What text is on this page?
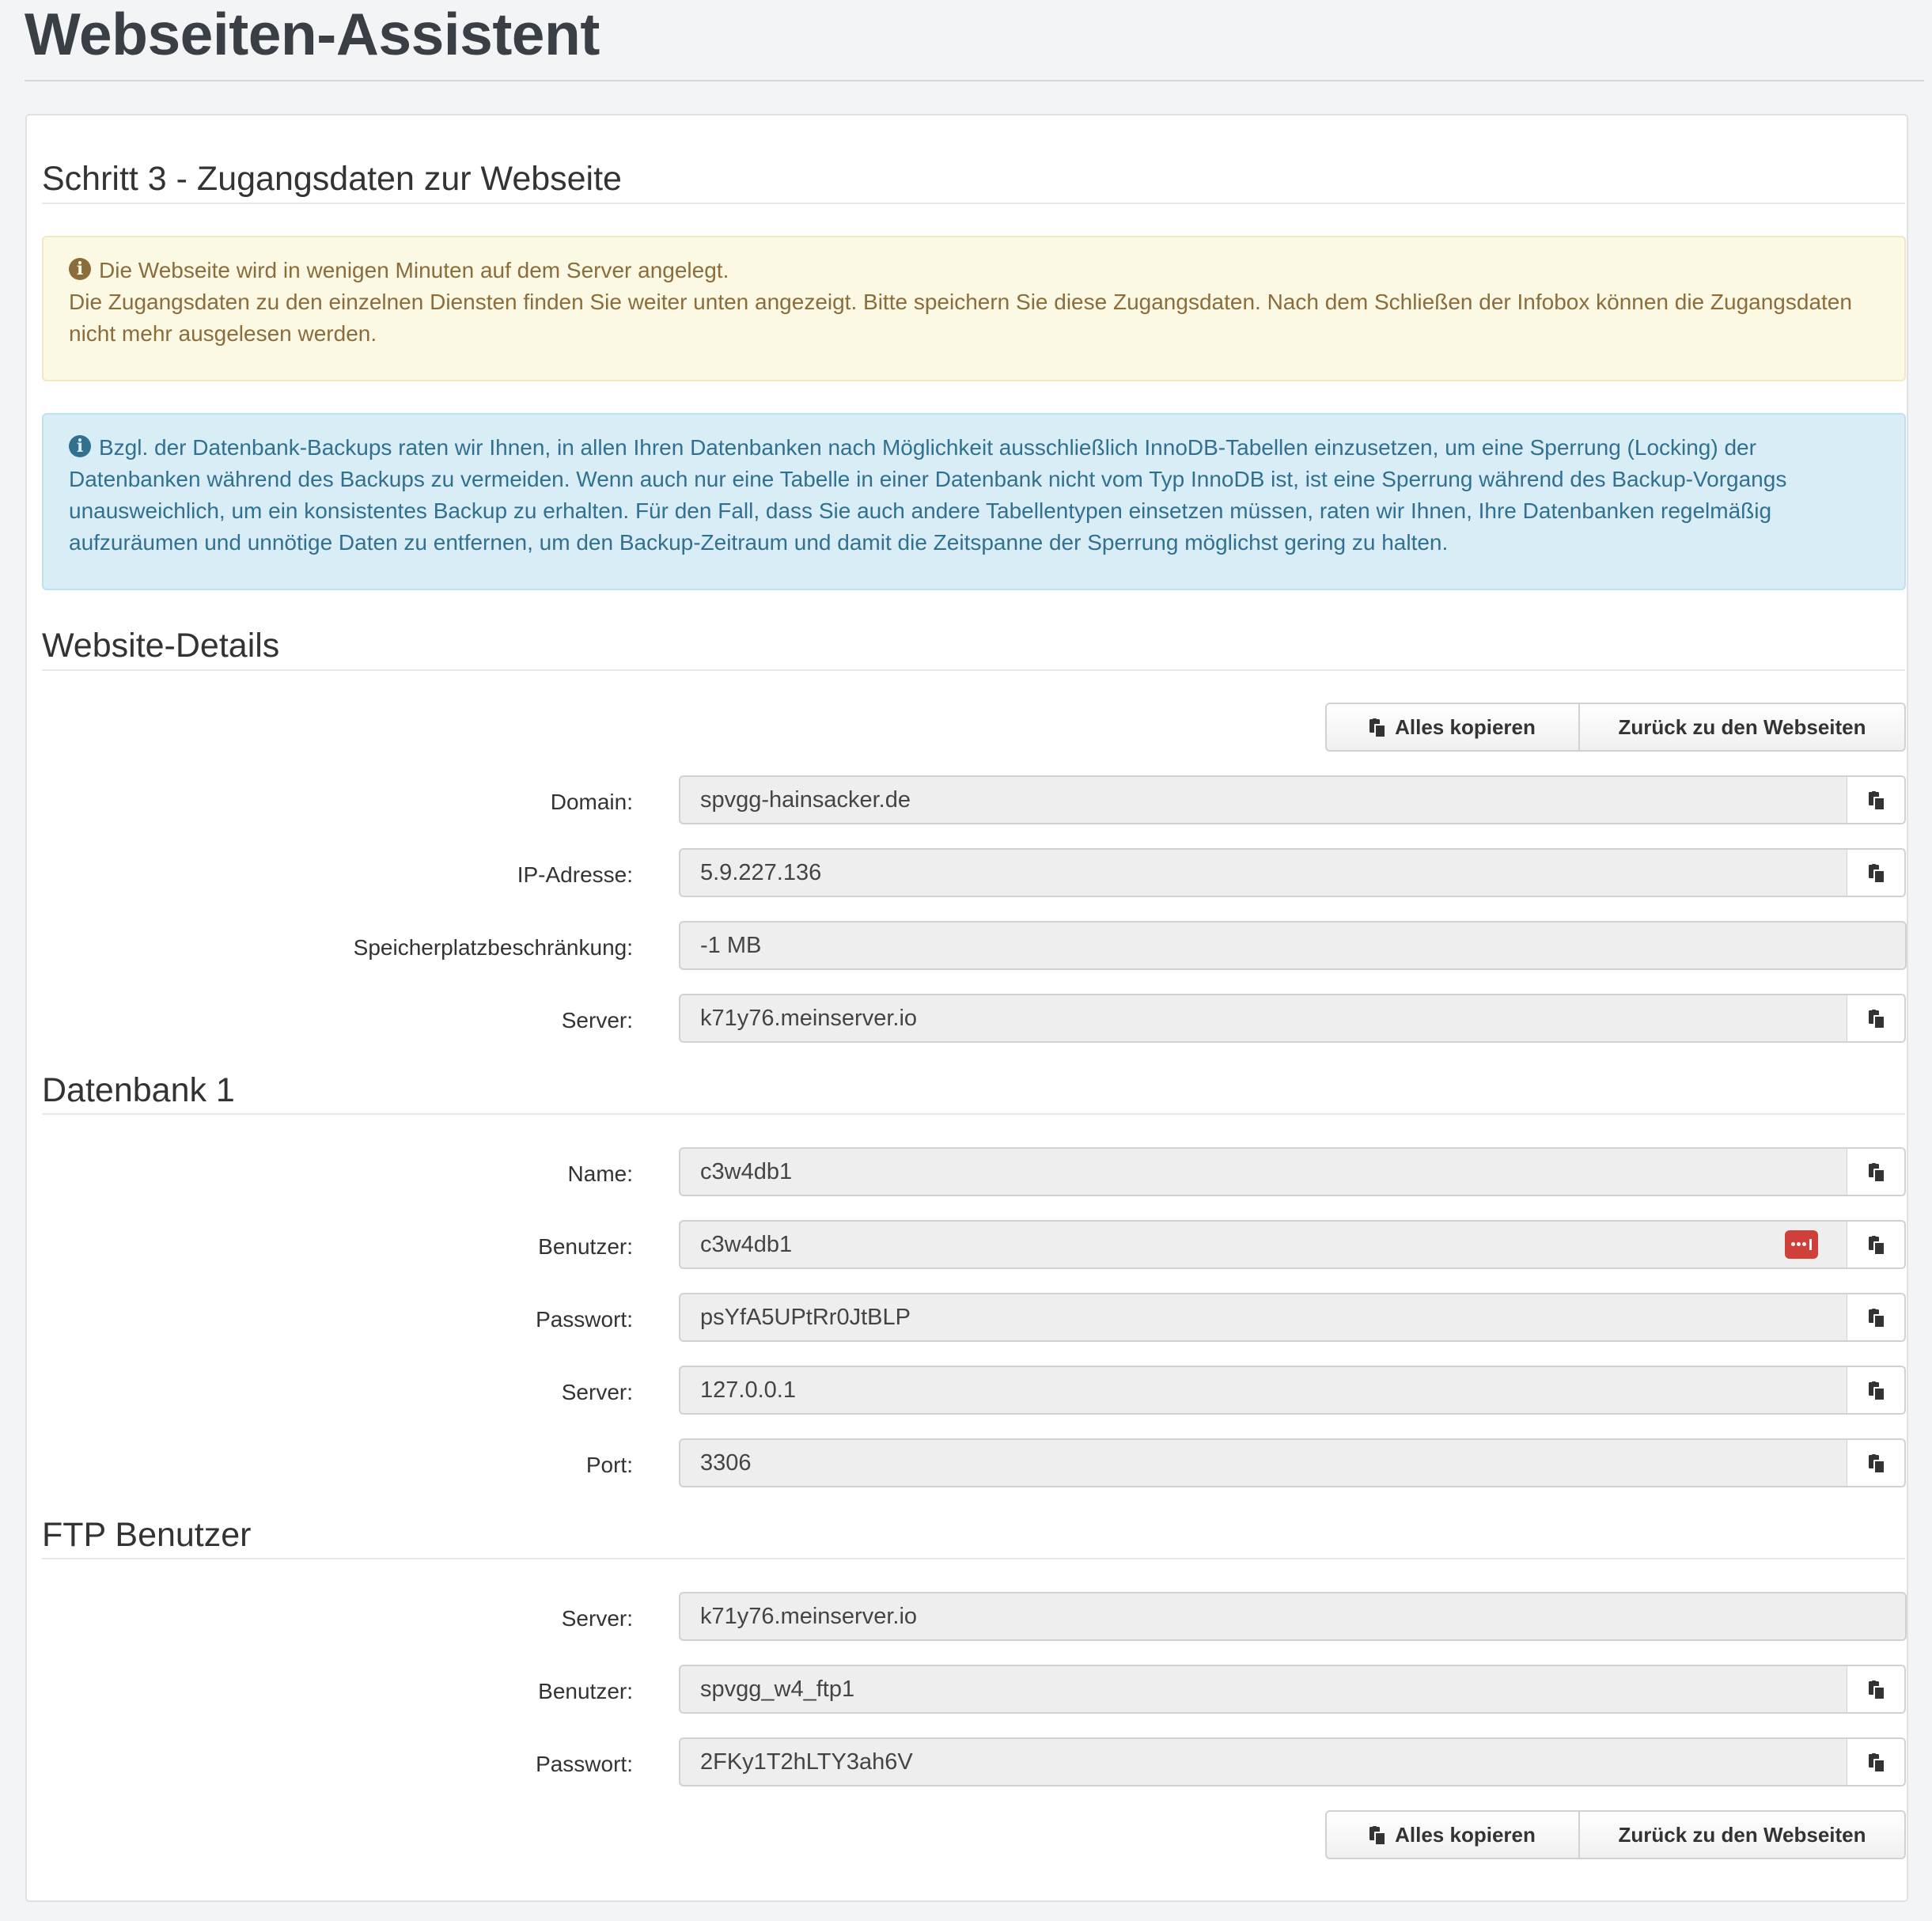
Webseiten-Assistent
Schritt 3 - Zugangsdaten zur Webseite
iDie Webseite wird in wenigen Minuten auf dem Server angelegt.
Die Zugangsdaten zu den einzelnen Diensten finden Sie weiter unten angezeigt. Bitte speichern Sie diese Zugangsdaten. Nach dem Schließen der Infobox können die Zugangsdaten nicht mehr ausgelesen werden.
iBzgl. der Datenbank-Backups raten wir Ihnen, in allen Ihren Datenbanken nach Möglichkeit ausschließlich InnoDB-Tabellen einzusetzen, um eine Sperrung (Locking) der Datenbanken während des Backups zu vermeiden. Wenn auch nur eine Tabelle in einer Datenbank nicht vom Typ InnoDB ist, ist eine Sperrung während des Backup-Vorgangs unausweichlich, um ein konsistentes Backup zu erhalten. Für den Fall, dass Sie auch andere Tabellentypen einsetzen müssen, raten wir Ihnen, Ihre Datenbanken regelmäßig aufzuräumen und unnötige Daten zu entfernen, um den Backup-Zeitraum und damit die Zeitspanne der Sperrung möglichst gering zu halten.
Website-Details
Alles kopieren	Zurück zu den Webseiten
Domain:	spvgg-hainsacker.de
IP-Adresse:	5.9.227.136
Speicherplatzbeschränkung:	-1 MB
Server:	k71y76.meinserver.io
Datenbank 1
Name:	c3w4db1
Benutzer:	c3w4db1
Passwort:	psYfA5UPtRr0JtBLP
Server:	127.0.0.1
Port:	3306
FTP Benutzer
Server:	k71y76.meinserver.io
Benutzer:	spvgg_w4_ftp1
Passwort:	2FKy1T2hLTY3ah6V
Alles kopieren	Zurück zu den Webseiten
